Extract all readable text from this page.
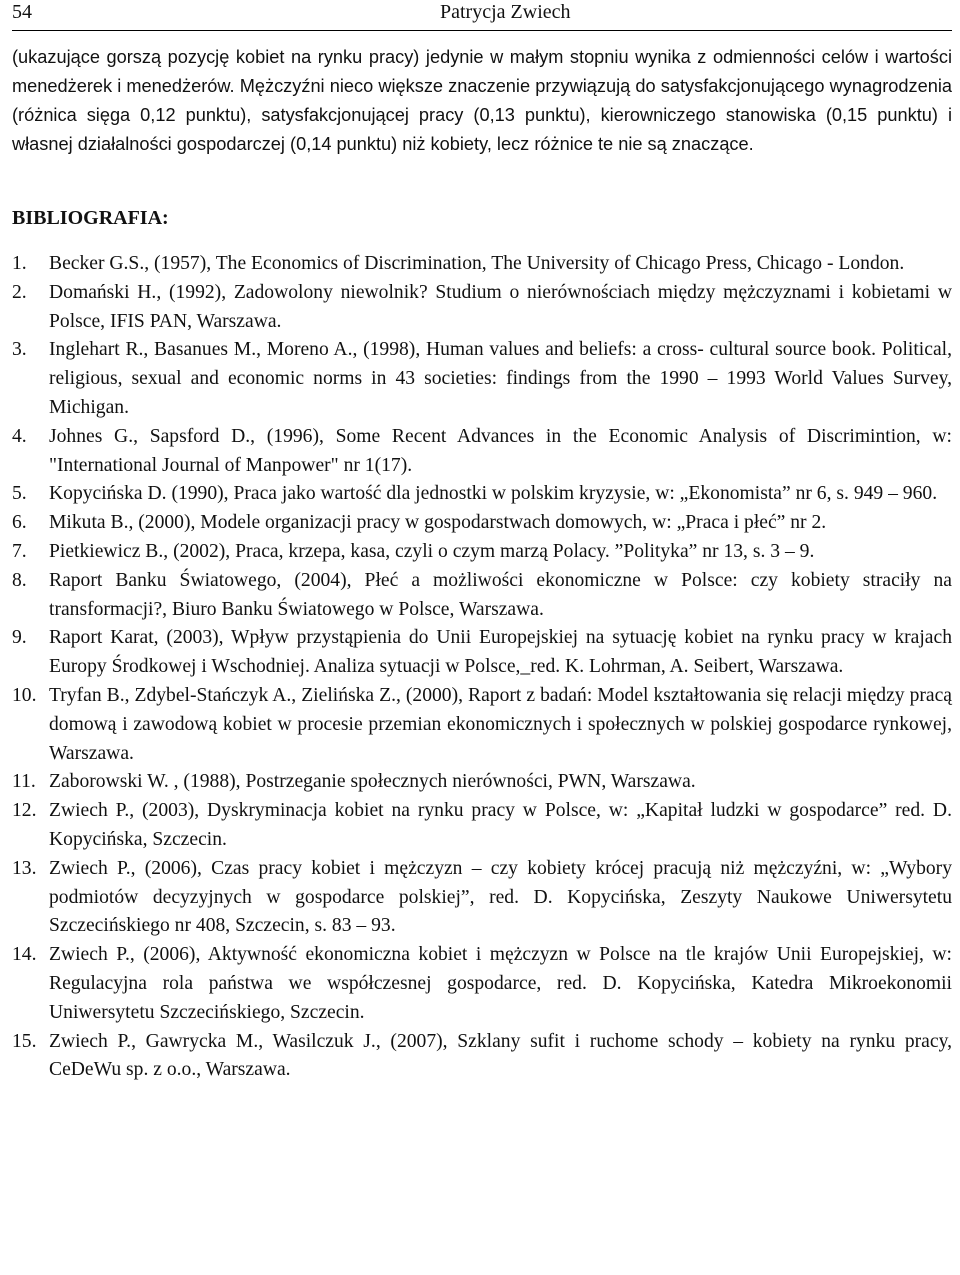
54	Patrycja Zwiech

(ukazujące gorszą pozycję kobiet na rynku pracy) jedynie w małym stopniu wynika z odmienności celów i wartości menedżerek i menedżerów. Mężczyźni nieco większe znaczenie przywiązują do satysfakcjonującego wynagrodzenia (różnica sięga 0,12 punktu), satysfakcjonującej pracy (0,13 punktu), kierowniczego stanowiska (0,15 punktu) i własnej działalności gospodarczej (0,14 punktu) niż kobiety, lecz różnice te nie są znaczące.

BIBLIOGRAFIA:
1.	Becker G.S., (1957), The Economics of Discrimination, The University of Chicago Press, Chicago - London.
2.	Domański H., (1992), Zadowolony niewolnik? Studium o nierównościach między mężczyznami i kobietami w Polsce, IFIS PAN, Warszawa.
3.	Inglehart R., Basanues M., Moreno A., (1998), Human values and beliefs: a cross- cultural source book. Political, religious, sexual and economic norms in 43 societies: findings from the 1990 – 1993 World Values Survey, Michigan.
4.	Johnes G., Sapsford D., (1996), Some Recent Advances in the Economic Analysis of Discrimintion, w: "International Journal of Manpower" nr 1(17).
5.	Kopycińska D. (1990), Praca jako wartość dla jednostki w polskim kryzysie, w: „Ekonomista” nr 6, s. 949 – 960.
6.	Mikuta B., (2000), Modele organizacji pracy w gospodarstwach domowych, w: „Praca i płeć” nr 2.
7.	Pietkiewicz B., (2002), Praca, krzepa, kasa, czyli o czym marzą Polacy. ”Polityka” nr 13, s. 3 – 9.
8.	Raport Banku Światowego, (2004), Płeć a możliwości ekonomiczne w Polsce: czy kobiety straciły na transformacji?, Biuro Banku Światowego w Polsce, Warszawa.
9.	Raport Karat, (2003), Wpływ przystąpienia do Unii Europejskiej na sytuację kobiet na rynku pracy w krajach Europy Środkowej i Wschodniej. Analiza sytuacji w Polsce,_red. K. Lohrman, A. Seibert, Warszawa.
10. Tryfan B., Zdybel-Stańczyk A., Zielińska Z., (2000), Raport z badań: Model kształtowania się relacji między pracą domową i zawodową kobiet w procesie przemian ekonomicznych i społecznych w polskiej gospodarce rynkowej, Warszawa.
11. Zaborowski W. , (1988), Postrzeganie społecznych nierówności, PWN, Warszawa.
12. Zwiech P., (2003), Dyskryminacja kobiet na rynku pracy w Polsce, w: „Kapitał ludzki w gospodarce” red. D. Kopycińska, Szczecin.
13. Zwiech P., (2006), Czas pracy kobiet i mężczyzn – czy kobiety krócej pracują niż mężczyźni, w: „Wybory podmiotów decyzyjnych w gospodarce polskiej”, red. D. Kopycińska, Zeszyty Naukowe Uniwersytetu Szczecińskiego nr 408, Szczecin, s. 83 – 93.
14. Zwiech P., (2006), Aktywność ekonomiczna kobiet i mężczyzn w Polsce na tle krajów Unii Europejskiej, w: Regulacyjna rola państwa we współczesnej gospodarce, red. D. Kopycińska, Katedra Mikroekonomii Uniwersytetu Szczecińskiego, Szczecin.
15. Zwiech P., Gawrycka M., Wasilczuk J., (2007), Szklany sufit i ruchome schody – kobiety na rynku pracy, CeDeWu sp. z o.o., Warszawa.
